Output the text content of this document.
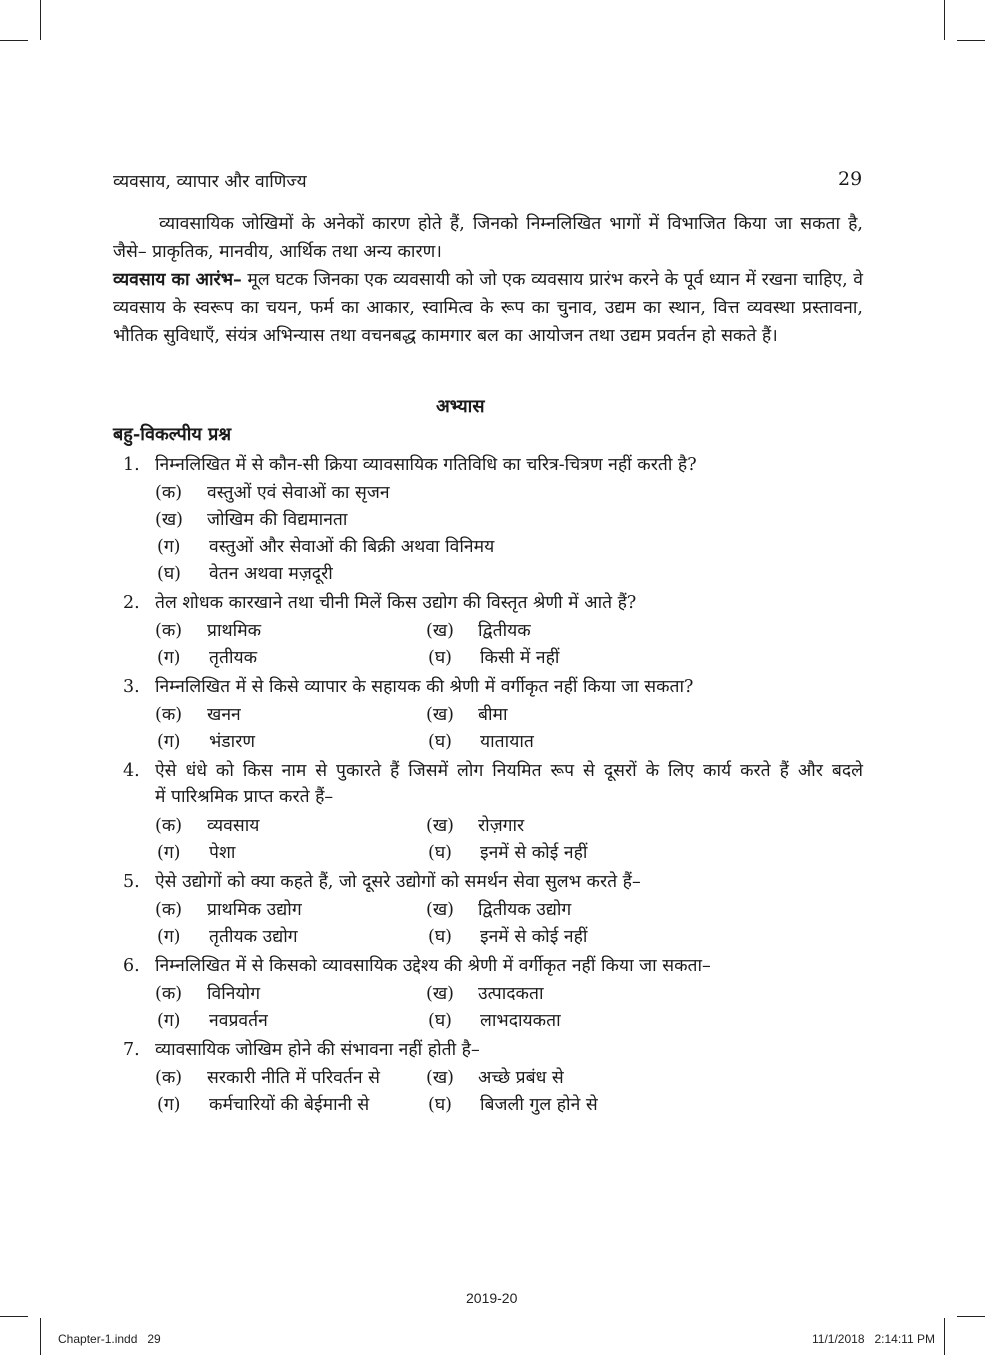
व्यवसाय, व्यापार और वाणिज्य	29
व्यावसायिक जोखिमों के अनेकों कारण होते हैं, जिनको निम्नलिखित भागों में विभाजित किया जा सकता है, जैसे– प्राकृतिक, मानवीय, आर्थिक तथा अन्य कारण।
व्यवसाय का आरंभ– मूल घटक जिनका एक व्यवसायी को जो एक व्यवसाय प्रारंभ करने के पूर्व ध्यान में रखना चाहिए, वे व्यवसाय के स्वरूप का चयन, फर्म का आकार, स्वामित्व के रूप का चुनाव, उद्यम का स्थान, वित्त व्यवस्था प्रस्तावना, भौतिक सुविधाएँ, संयंत्र अभिन्यास तथा वचनबद्ध कामगार बल का आयोजन तथा उद्यम प्रवर्तन हो सकते हैं।
अभ्यास
बहु-विकल्पीय प्रश्न
1. निम्नलिखित में से कौन-सी क्रिया व्यावसायिक गतिविधि का चरित्र-चित्रण नहीं करती है?
(क) वस्तुओं एवं सेवाओं का सृजन
(ख) जोखिम की विद्यमानता
(ग) वस्तुओं और सेवाओं की बिक्री अथवा विनिमय
(घ) वेतन अथवा मज़दूरी
2. तेल शोधक कारखाने तथा चीनी मिलें किस उद्योग की विस्तृत श्रेणी में आते हैं?
(क) प्राथमिक	(ख) द्वितीयक
(ग) तृतीयक	(घ) किसी में नहीं
3. निम्नलिखित में से किसे व्यापार के सहायक की श्रेणी में वर्गीकृत नहीं किया जा सकता?
(क) खनन	(ख) बीमा
(ग) भंडारण	(घ) यातायात
4. ऐसे धंधे को किस नाम से पुकारते हैं जिसमें लोग नियमित रूप से दूसरों के लिए कार्य करते हैं और बदले
में पारिश्रमिक प्राप्त करते हैं–
(क) व्यवसाय	(ख) रोज़गार
(ग) पेशा	(घ) इनमें से कोई नहीं
5. ऐसे उद्योगों को क्या कहते हैं, जो दूसरे उद्योगों को समर्थन सेवा सुलभ करते हैं–
(क) प्राथमिक उद्योग	(ख) द्वितीयक उद्योग
(ग) तृतीयक उद्योग	(घ) इनमें से कोई नहीं
6. निम्नलिखित में से किसको व्यावसायिक उद्देश्य की श्रेणी में वर्गीकृत नहीं किया जा सकता–
(क) विनियोग	(ख) उत्पादकता
(ग) नवप्रवर्तन	(घ) लाभदायकता
7. व्यावसायिक जोखिम होने की संभावना नहीं होती है–
(क) सरकारी नीति में परिवर्तन से	(ख) अच्छे प्रबंध से
(ग) कर्मचारियों की बेईमानी से	(घ) बिजली गुल होने से
2019-20
Chapter-1.indd   29	11/1/2018   2:14:11 PM
